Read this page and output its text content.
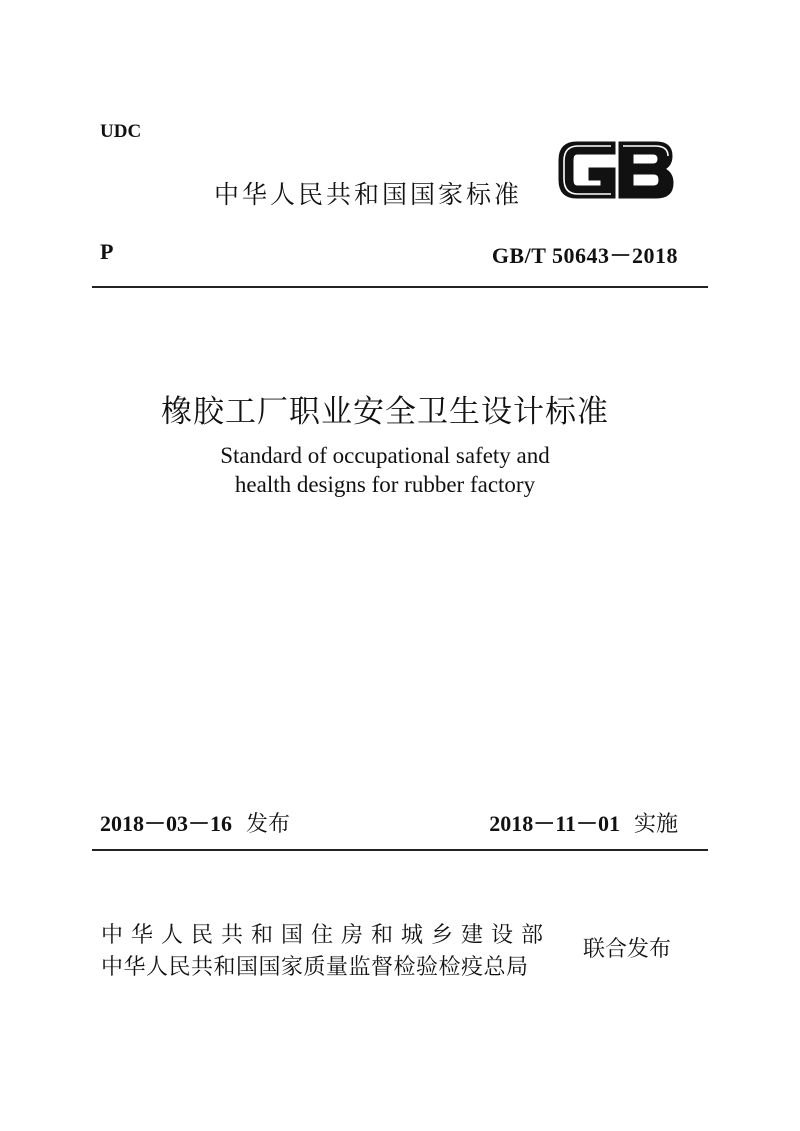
UDC
中华人民共和国国家标准
P	GB/T 50643－2018
橡胶工厂职业安全卫生设计标准
Standard of occupational safety and
health designs for rubber factory
2018－03－16 发布	2018－11－01 实施
中华人民共和国住房和城乡建设部
中华人民共和国国家质量监督检验检疫总局
联合发布
